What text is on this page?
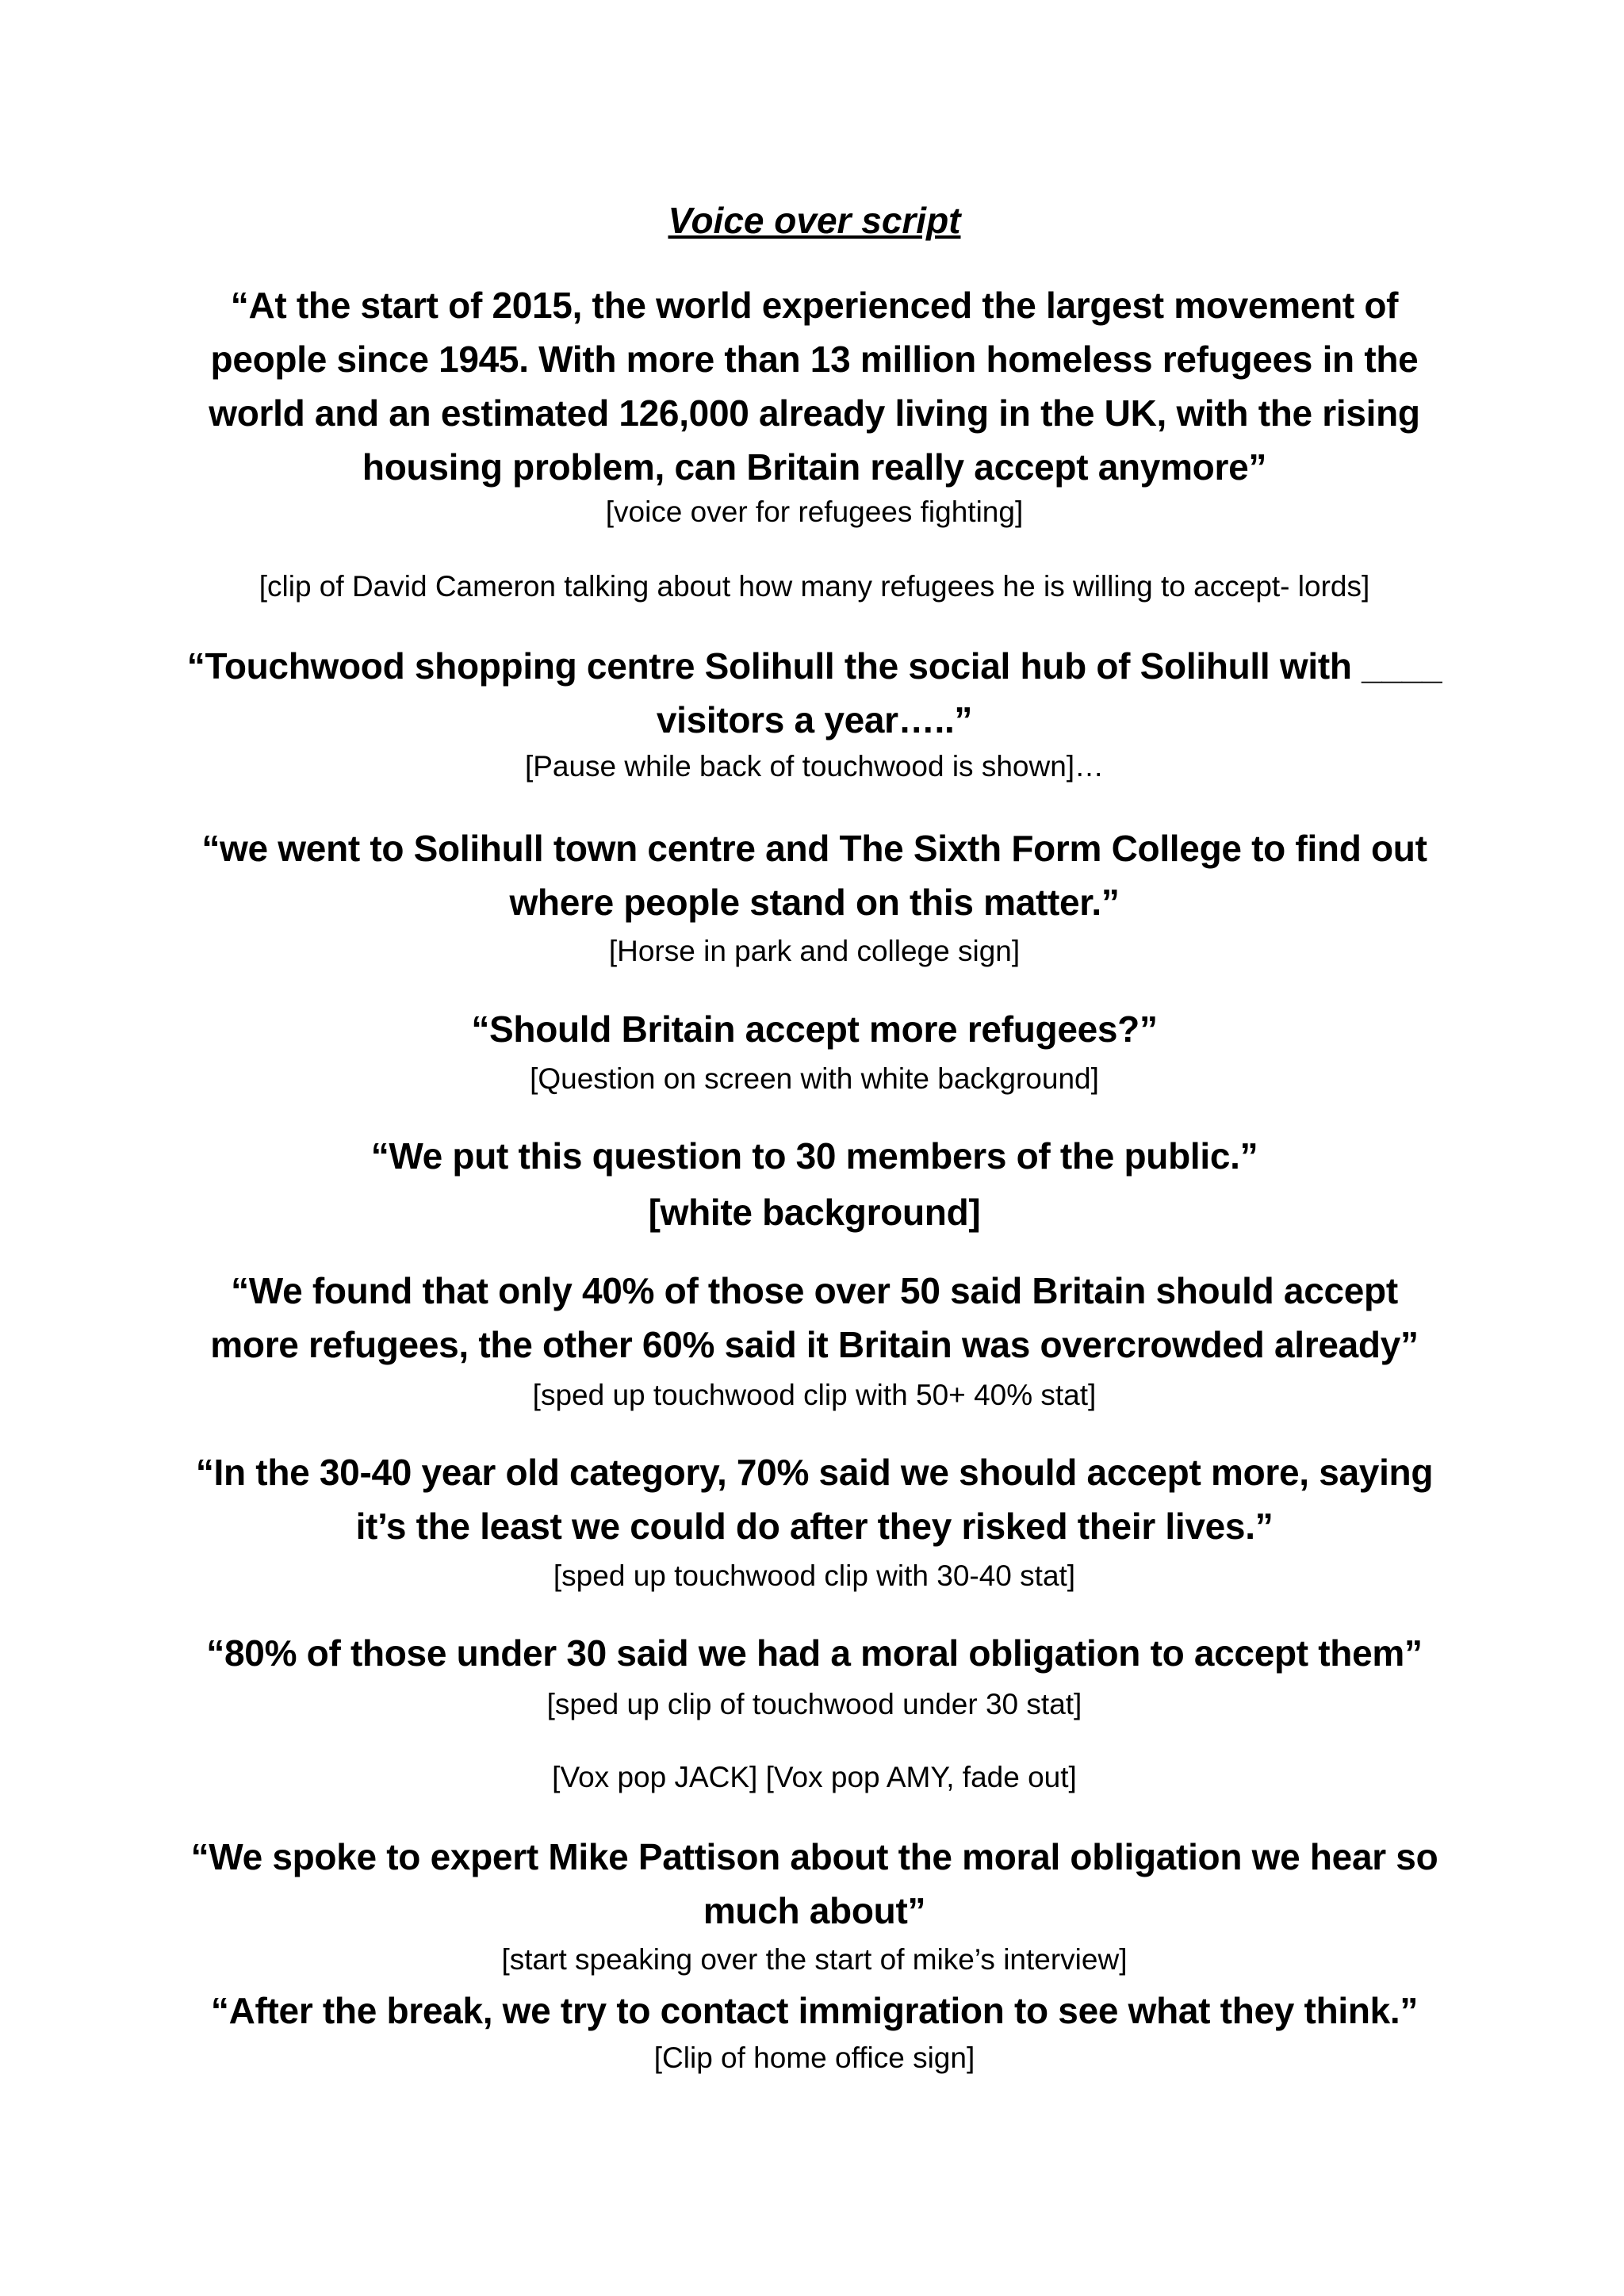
Voice over script
“At the start of 2015, the world experienced the largest movement of people since 1945. With more than 13 million homeless refugees in the world and an estimated 126,000 already living in the UK, with the rising housing problem, can Britain really accept anymore”
[voice over for refugees fighting]
[clip of David Cameron talking about how many refugees he is willing to accept- lords]
“Touchwood shopping centre Solihull the social hub of Solihull with ____ visitors a year…..”
[Pause while back of touchwood is shown]…
“we went to Solihull town centre and The Sixth Form College to find out where people stand on this matter.”
[Horse in park and college sign]
“Should Britain accept more refugees?”
[Question on screen with white background]
“We put this question to 30 members of the public.”
[white background]
“We found that only 40% of those over 50 said Britain should accept more refugees, the other 60% said it Britain was overcrowded already”
[sped up touchwood clip with 50+ 40% stat]
“In the 30-40 year old category, 70% said we should accept more, saying it’s the least we could do after they risked their lives.”
[sped up touchwood clip with 30-40 stat]
“80% of those under 30 said we had a moral obligation to accept them”
[sped up clip of touchwood under 30 stat]
[Vox pop JACK] [Vox pop AMY, fade out]
“We spoke to expert Mike Pattison about the moral obligation we hear so much about”
[start speaking over the start of mike’s interview]
“After the break, we try to contact immigration to see what they think.”
[Clip of home office sign]
